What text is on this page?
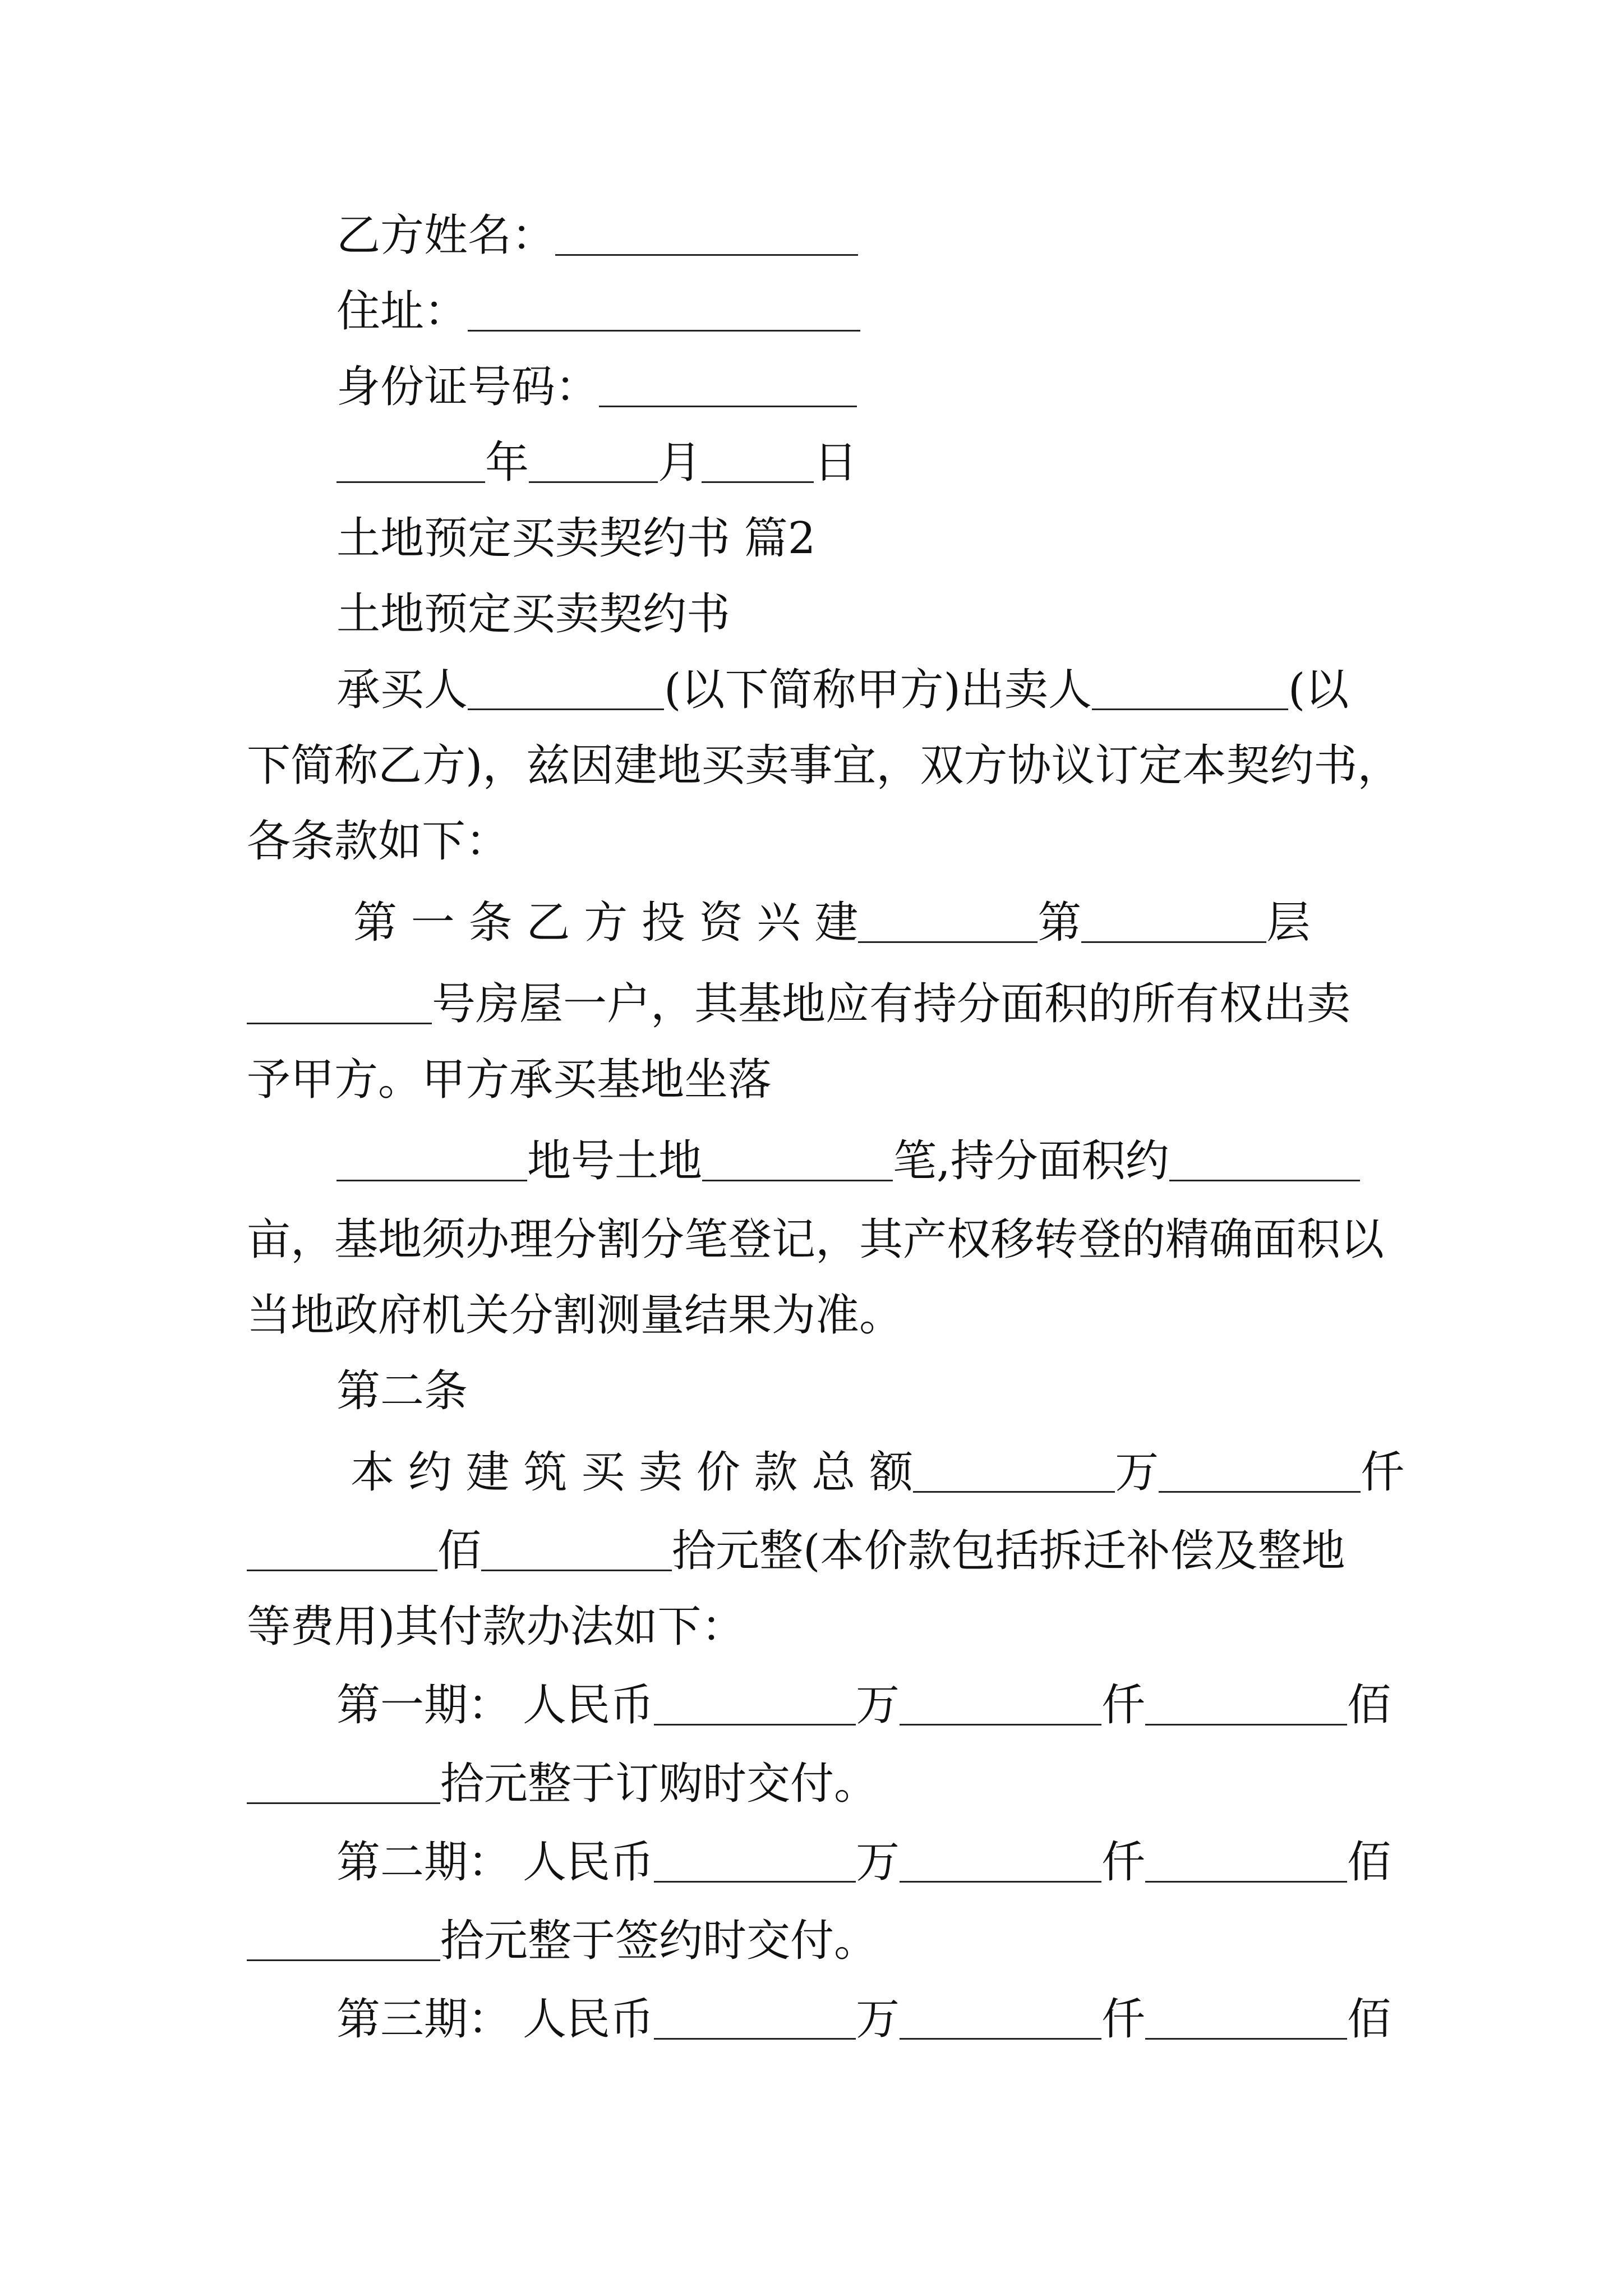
乙方姓名：
住址：
身份证号码：
年	月	日
土地预定买卖契约书 篇2
土地预定买卖契约书
承买人	(以下简称甲方)出卖人	(以
下简称乙方)，兹因建地买卖事宜，双方协议订定本契约书，
各条款如下：
第 一 条 乙 方 投 资 兴 建	第	层
号房屋一户，其基地应有持分面积的所有权出卖
予甲方。甲方承买基地坐落
地号土地	笔,持分面积约
亩，基地须办理分割分笔登记，其产权移转登的精确面积以
当地政府机关分割测量结果为准。
第二条
本 约 建 筑 买 卖 价 款 总 额	万	仟
佰	拾元整(本价款包括拆迁补偿及整地
等费用)其付款办法如下：
第一期： 人民币	万	仟	佰
拾元整于订购时交付。
第二期： 人民币	万	仟	佰
拾元整于签约时交付。
第三期： 人民币	万	仟	佰
